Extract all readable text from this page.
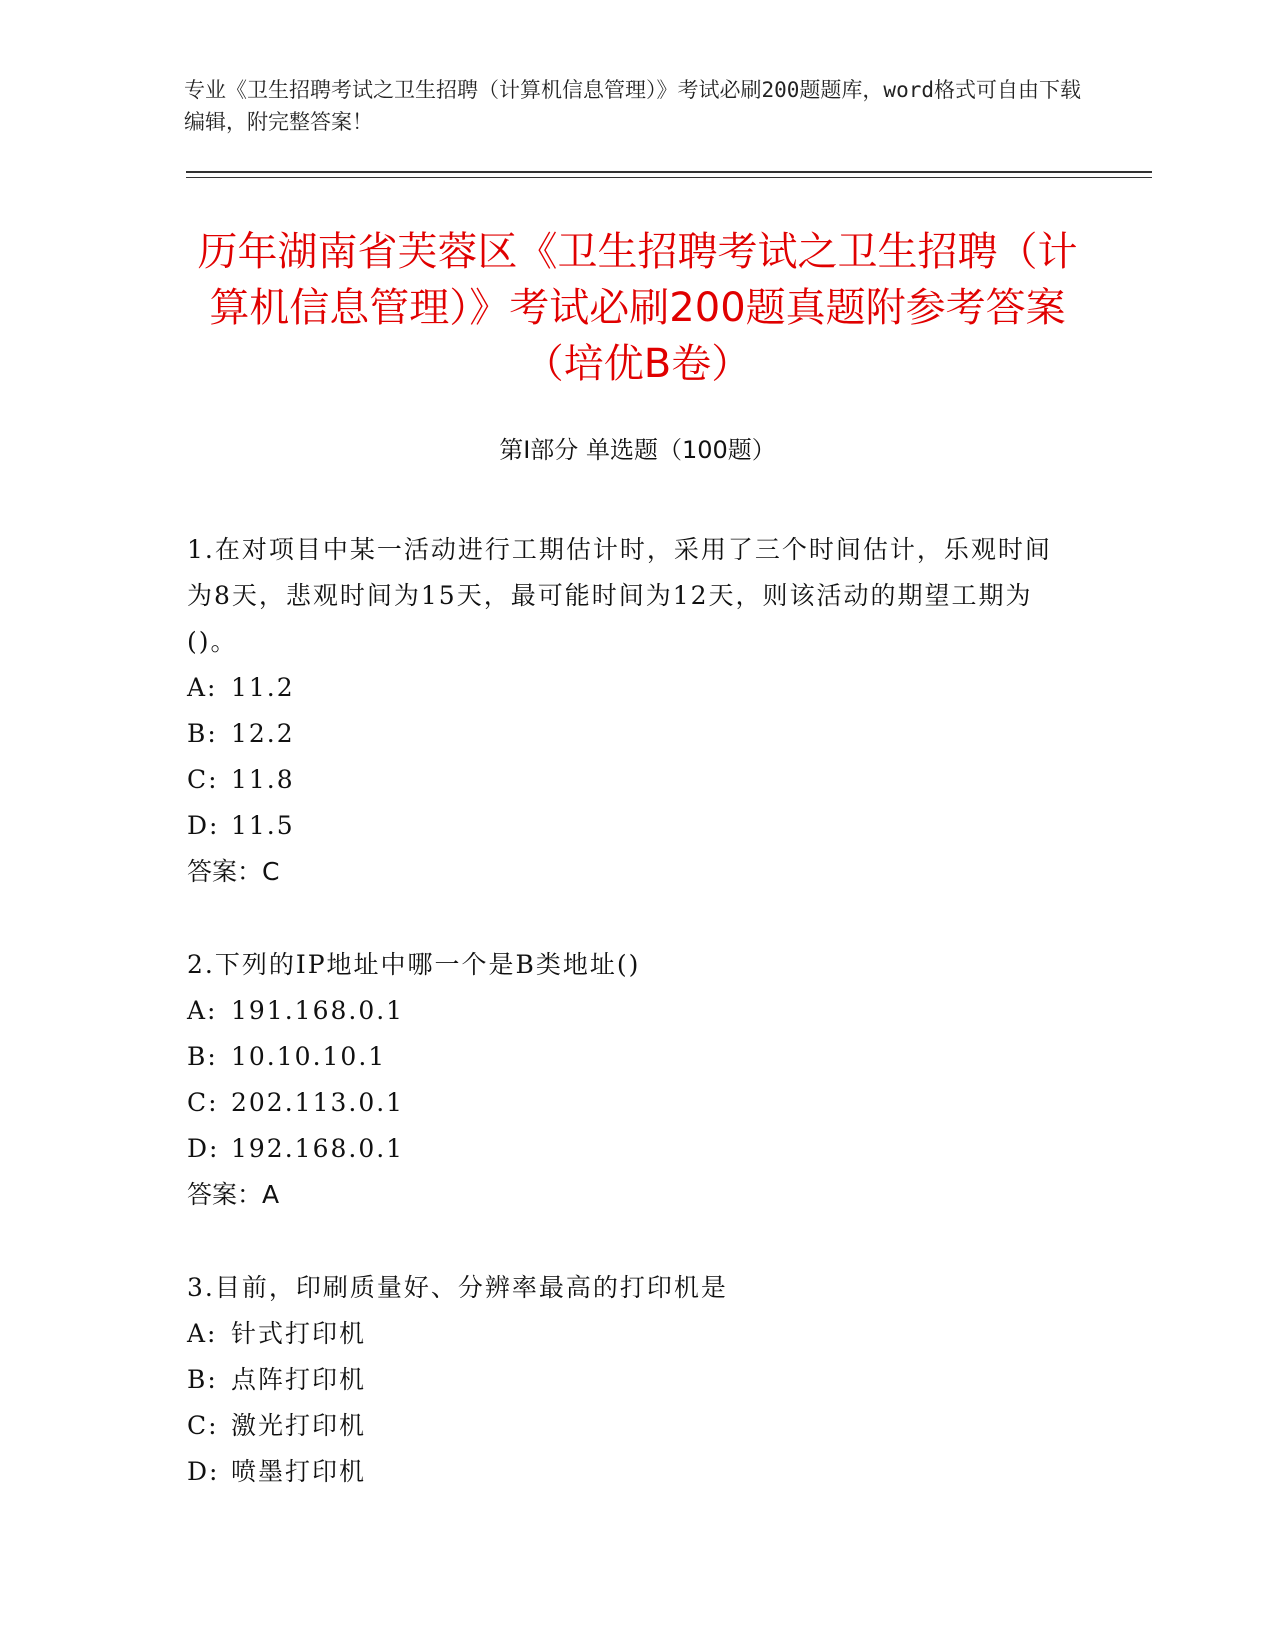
专业《卫生招聘考试之卫生招聘（计算机信息管理）》考试必刷200题题库，word格式可自由下载编辑，附完整答案！
历年湖南省芙蓉区《卫生招聘考试之卫生招聘（计算机信息管理）》考试必刷200题真题附参考答案（培优B卷）
第Ⅰ部分 单选题（100题）
1.在对项目中某一活动进行工期估计时，采用了三个时间估计，乐观时间为8天，悲观时间为15天，最可能时间为12天，则该活动的期望工期为()。
A: 11.2
B: 12.2
C: 11.8
D: 11.5
答案：C
2.下列的IP地址中哪一个是B类地址()
A: 191.168.0.1
B: 10.10.10.1
C: 202.113.0.1
D: 192.168.0.1
答案：A
3.目前，印刷质量好、分辨率最高的打印机是
A: 针式打印机
B: 点阵打印机
C: 激光打印机
D: 喷墨打印机
